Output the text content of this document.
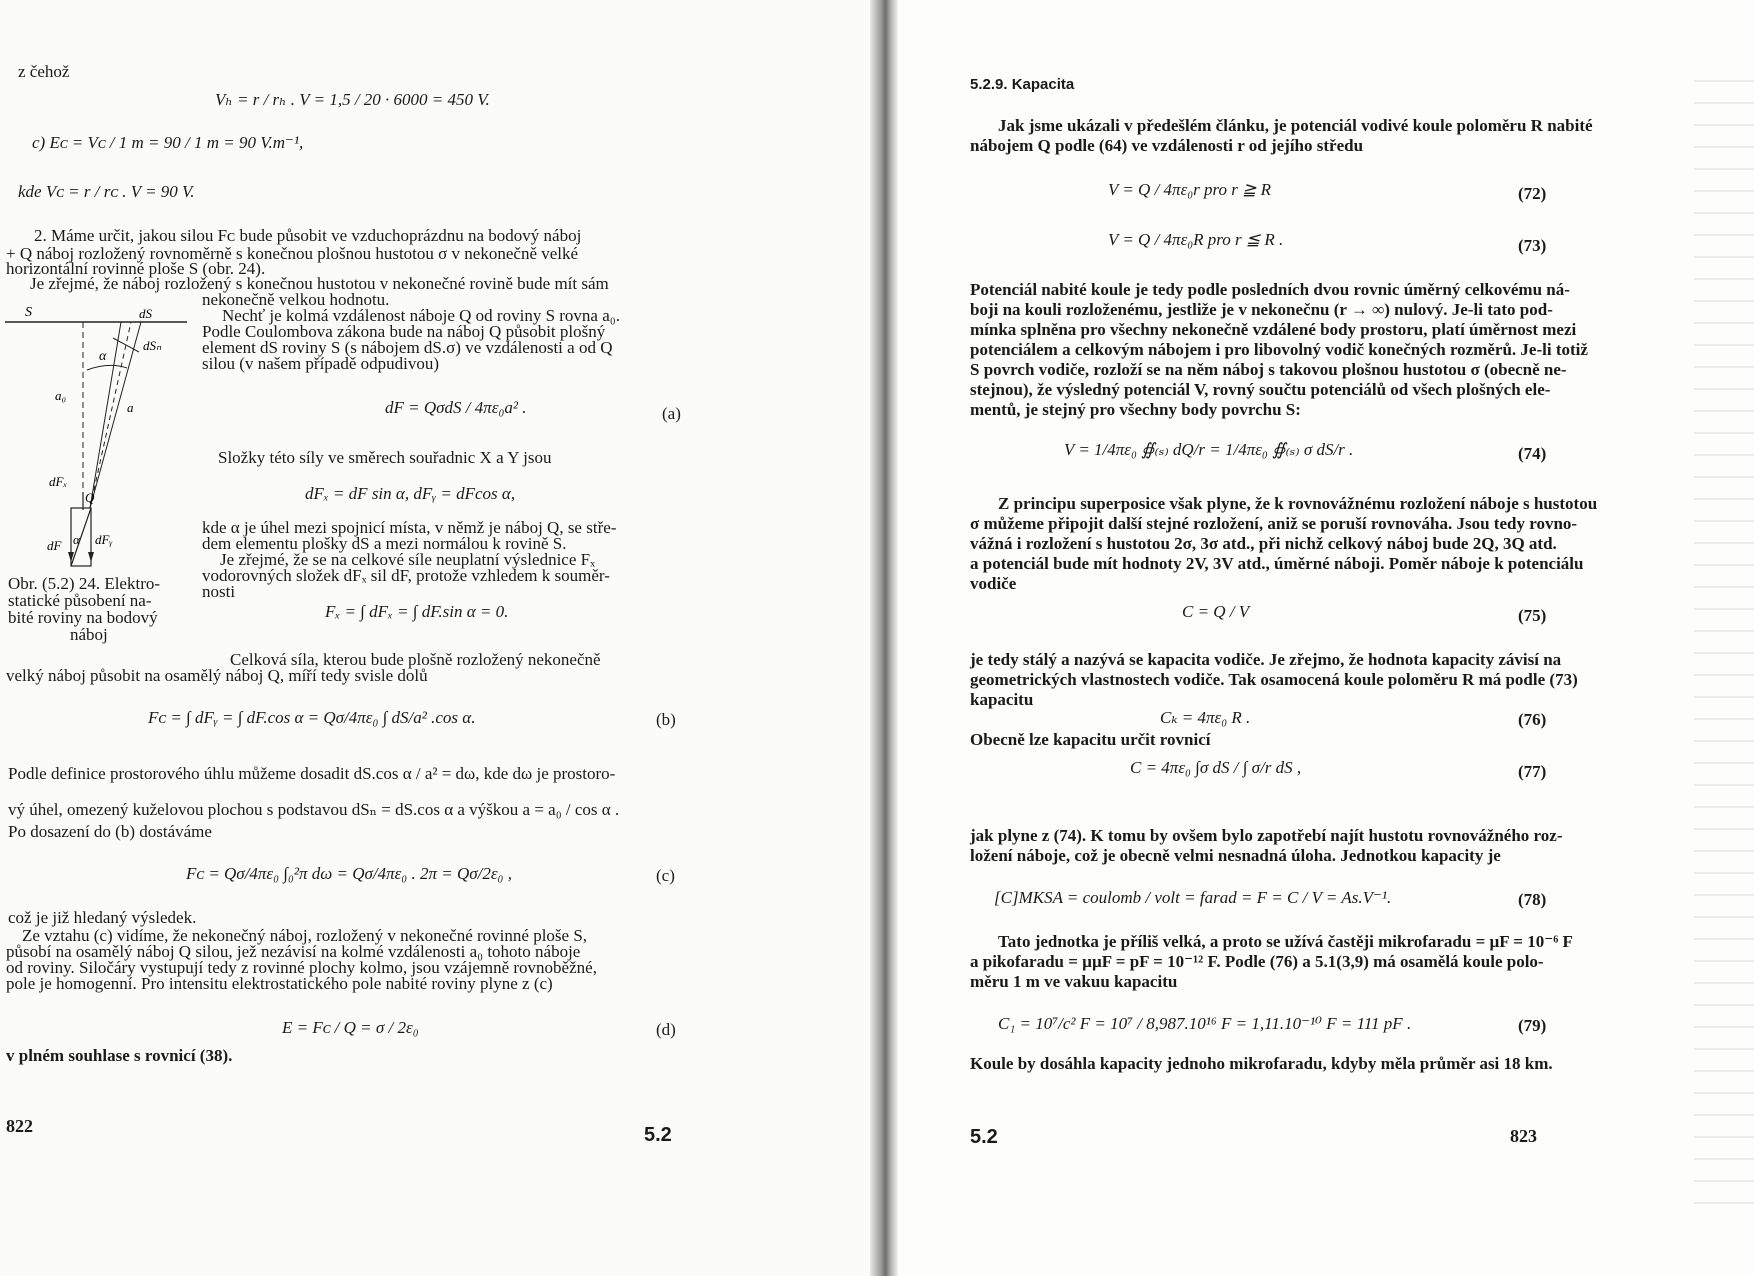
z čehož
Vₕ = r / rₕ . V = 1,5 / 20 · 6000 = 450 V.
c) Eᴄ = Vᴄ / 1 m = 90 / 1 m = 90 V.m⁻¹,
kde Vᴄ = r / rᴄ . V = 90 V.
2. Máme určit, jakou silou Fᴄ bude působit ve vzduchoprázdnu na bodový náboj
+ Q náboj rozložený rovnoměrně s konečnou plošnou hustotou σ v nekonečně velké
horizontální rovinné ploše S (obr. 24).
Je zřejmé, že náboj rozložený s konečnou hustotou v nekonečné rovině bude mít sám
nekonečně velkou hodnotu.
Nechť je kolmá vzdálenost náboje Q od roviny S rovna a₀.
Podle Coulombova zákona bude na náboj Q působit plošný
element dS roviny S (s nábojem dS.σ) ve vzdálenosti a od Q
silou (v našem případě odpudivou)
dF = QσdS / 4πε₀a² .	(a)
Složky této síly ve směrech souřadnic X a Y jsou
dFₓ = dF sin α, dFᵧ = dFcos α,
kde α je úhel mezi spojnicí místa, v němž je náboj Q, se stře-
dem elementu plošky dS a mezi normálou k rovině S.
Je zřejmé, že se na celkové síle neuplatní výslednice Fₓ
vodorovných složek dFₓ sil dF, protože vzhledem k souměr-
nosti
Fₓ = ∫ dFₓ = ∫ dF.sin α = 0.
S	dS
dSₙ
α
a₀
a
dFₓ
Q
dF α dFᵧ
Obr. (5.2) 24. Elektro-
statické působení na-
bité roviny na bodový
náboj
Celková síla, kterou bude plošně rozložený nekonečně
velký náboj působit na osamělý náboj Q, míří tedy svisle dolů
Fᴄ = ∫ dFᵧ = ∫ dF.cos α = Qσ/4πε₀ ∫ dS/a² .cos α.	(b)
Podle definice prostorového úhlu můžeme dosadit dS.cos α / a² = dω, kde dω je prostoro-
vý úhel, omezený kuželovou plochou s podstavou dSₙ = dS.cos α a výškou a = a₀ / cos α .
Po dosazení do (b) dostáváme
Fᴄ = Qσ/4πε₀ ∫₀²π dω = Qσ/4πε₀ . 2π = Qσ/2ε₀ ,	(c)
což je již hledaný výsledek.
Ze vztahu (c) vidíme, že nekonečný náboj, rozložený v nekonečné rovinné ploše S,
působí na osamělý náboj Q silou, jež nezávisí na kolmé vzdálenosti a₀ tohoto náboje
od roviny. Siločáry vystupují tedy z rovinné plochy kolmo, jsou vzájemně rovnoběžné,
pole je homogenní. Pro intensitu elektrostatického pole nabité roviny plyne z (c)
E = Fᴄ / Q = σ / 2ε₀	(d)
v plném souhlase s rovnicí (38).
822	5.2
5.2.9. Kapacita
Jak jsme ukázali v předešlém článku, je potenciál vodivé koule poloměru R nabité
nábojem Q podle (64) ve vzdálenosti r od jejího středu
V = Q / 4πε₀r pro r ≧ R	(72)
V = Q / 4πε₀R pro r ≦ R .	(73)
Potenciál nabité koule je tedy podle posledních dvou rovnic úměrný celkovému ná-
boji na kouli rozloženému, jestliže je v nekonečnu (r → ∞) nulový. Je-li tato pod-
mínka splněna pro všechny nekonečně vzdálené body prostoru, platí úměrnost mezi
potenciálem a celkovým nábojem i pro libovolný vodič konečných rozměrů. Je-li totiž
S povrch vodiče, rozloží se na něm náboj s takovou plošnou hustotou σ (obecně ne-
stejnou), že výsledný potenciál V, rovný součtu potenciálů od všech plošných ele-
mentů, je stejný pro všechny body povrchu S:
V = 1/4πε₀ ∯₍ₛ₎ dQ/r = 1/4πε₀ ∯₍ₛ₎ σ dS/r .	(74)
Z principu superposice však plyne, že k rovnovážnému rozložení náboje s hustotou
σ můžeme připojit další stejné rozložení, aniž se poruší rovnováha. Jsou tedy rovno-
vážná i rozložení s hustotou 2σ, 3σ atd., při nichž celkový náboj bude 2Q, 3Q atd.
a potenciál bude mít hodnoty 2V, 3V atd., úměrné náboji. Poměr náboje k potenciálu
vodiče
C = Q / V	(75)
je tedy stálý a nazývá se kapacita vodiče. Je zřejmo, že hodnota kapacity závisí na
geometrických vlastnostech vodiče. Tak osamocená koule poloměru R má podle (73)
kapacitu
Cₖ = 4πε₀ R .	(76)
Obecně lze kapacitu určit rovnicí
C = 4πε₀ ∫σ dS / ∫ σ/r dS ,	(77)
jak plyne z (74). K tomu by ovšem bylo zapotřebí najít hustotu rovnovážného roz-
ložení náboje, což je obecně velmi nesnadná úloha. Jednotkou kapacity je
[C]MKSA = coulomb / volt = farad = F = C / V = As.V⁻¹.	(78)
Tato jednotka je příliš velká, a proto se užívá častěji mikrofaradu = µF = 10⁻⁶ F
a pikofaradu = µµF = pF = 10⁻¹² F. Podle (76) a 5.1(3,9) má osamělá koule polo-
měru 1 m ve vakuu kapacitu
C₁ = 10⁷/c² F = 10⁷ / 8,987.10¹⁶ F = 1,11.10⁻¹⁰ F = 111 pF .	(79)
Koule by dosáhla kapacity jednoho mikrofaradu, kdyby měla průměr asi 18 km.
5.2	823
